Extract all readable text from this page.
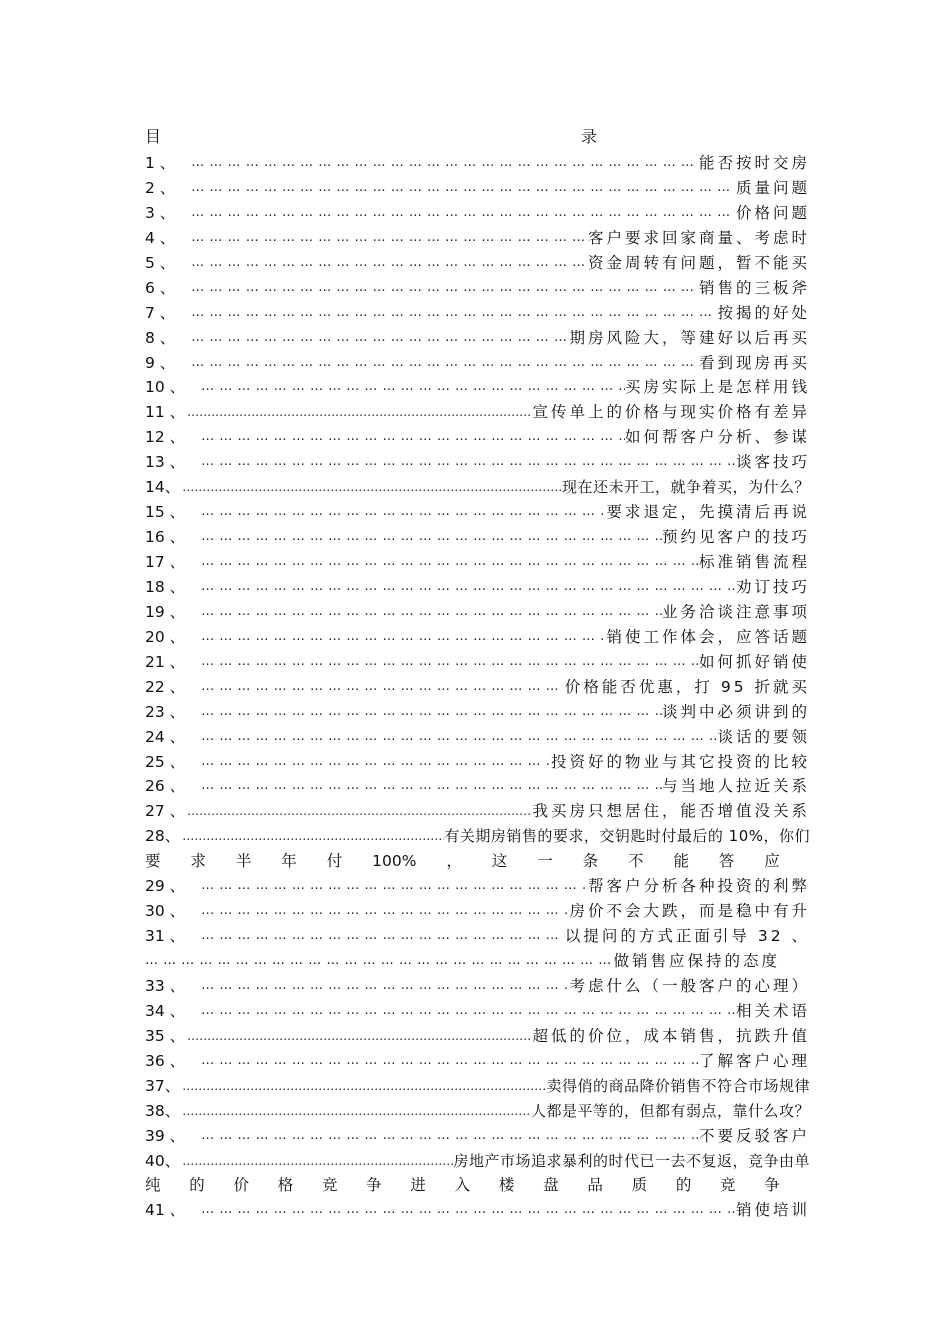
目	录
1 、 … … … … … … … … … … … … … … … … … … … … … … … … … … … … … … … … … … … … … … … … … … … … … … … … … …	能否按时交房
2 、 … … … … … … … … … … … … … … … … … … … … … … … … … … … … … … … … … … … … … … … … … … … … … … … … … …	质量问题
3 、 … … … … … … … … … … … … … … … … … … … … … … … … … … … … … … … … … … … … … … … … … … … … … … … … … …	价格问题
4 、 … … … … … … … … … … … … … … … … … … … … … … … … … … … … … … … … … … … … … … … … … … … … … … … … … …	客户要求回家商量、考虑时
5 、 … … … … … … … … … … … … … … … … … … … … … … … … … … … … … … … … … … … … … … … … … … … … … … … … … …	资金周转有问题，暂不能买
6 、 … … … … … … … … … … … … … … … … … … … … … … … … … … … … … … … … … … … … … … … … … … … … … … … … … …	销售的三板斧
7 、 … … … … … … … … … … … … … … … … … … … … … … … … … … … … … … … … … … … … … … … … … … … … … … … … … …	按揭的好处
8 、 … … … … … … … … … … … … … … … … … … … … … … … … … … … … … … … … … … … … … … … … … … … … … … … … … …	期房风险大，等建好以后再买
9 、 … … … … … … … … … … … … … … … … … … … … … … … … … … … … … … … … … … … … … … … … … … … … … … … … … …	看到现房再买
10 、 … … … … … … … … … … … … … … … … … … … … … … … … … … … … … … … … … … … … … … … … … … … … … … … … … …	买房实际上是怎样用钱
11 、 …………………………………………………………………………………………………	宣传单上的价格与现实价格有差异
12 、 … … … … … … … … … … … … … … … … … … … … … … … … … … … … … … … … … … … … … … … … … … … … … … … … … …	如何帮客户分析、参谋
13 、 … … … … … … … … … … … … … … … … … … … … … … … … … … … … … … … … … … … … … … … … … … … … … … … … … …	谈客技巧
14、 …………………………………………………………………………………………………	现在还未开工，就争着买，为什么？
15 、 … … … … … … … … … … … … … … … … … … … … … … … … … … … … … … … … … … … … … … … … … … … … … … … … … …	要求退定，先摸清后再说
16 、 … … … … … … … … … … … … … … … … … … … … … … … … … … … … … … … … … … … … … … … … … … … … … … … … … …	预约见客户的技巧
17 、 … … … … … … … … … … … … … … … … … … … … … … … … … … … … … … … … … … … … … … … … … … … … … … … … … …	标准销售流程
18 、 … … … … … … … … … … … … … … … … … … … … … … … … … … … … … … … … … … … … … … … … … … … … … … … … … …	劝订技巧
19 、 … … … … … … … … … … … … … … … … … … … … … … … … … … … … … … … … … … … … … … … … … … … … … … … … … …	业务洽谈注意事项
20 、 … … … … … … … … … … … … … … … … … … … … … … … … … … … … … … … … … … … … … … … … … … … … … … … … … …	销使工作体会，应答话题
21 、 … … … … … … … … … … … … … … … … … … … … … … … … … … … … … … … … … … … … … … … … … … … … … … … … … …	如何抓好销使
22 、 … … … … … … … … … … … … … … … … … … … … … … … … … … … … … … … … … … … … … … … … … … … … … … … … … …	价格能否优惠，打 95 折就买
23 、 … … … … … … … … … … … … … … … … … … … … … … … … … … … … … … … … … … … … … … … … … … … … … … … … … …	谈判中必须讲到的
24 、 … … … … … … … … … … … … … … … … … … … … … … … … … … … … … … … … … … … … … … … … … … … … … … … … … …	谈话的要领
25 、 … … … … … … … … … … … … … … … … … … … … … … … … … … … … … … … … … … … … … … … … … … … … … … … … … …	投资好的物业与其它投资的比较
26 、 … … … … … … … … … … … … … … … … … … … … … … … … … … … … … … … … … … … … … … … … … … … … … … … … … …	与当地人拉近关系
27 、 …………………………………………………………………………………………………	我买房只想居住，能否增值没关系
28、 …………………………………………………………………………………………………	有关期房销售的要求，交钥匙时付最后的 10%，你们
要 求 半 年 付 100% ， 这 一 条 不 能 答 应
29 、 … … … … … … … … … … … … … … … … … … … … … … … … … … … … … … … … … … … … … … … … … … … … … … … … … …	帮客户分析各种投资的利弊
30 、 … … … … … … … … … … … … … … … … … … … … … … … … … … … … … … … … … … … … … … … … … … … … … … … … … …	房价不会大跌，而是稳中有升
31 、 … … … … … … … … … … … … … … … … … … … … … … … … … … … … … … … … … … … … … … … … … … … … … … … … … …	以提问的方式正面引导 32 、
… … … … … … … … … … … … … … … … … … … … … … … … … …
做销售应保持的态度
33 、 … … … … … … … … … … … … … … … … … … … … … … … … … … … … … … … … … … … … … … … … … … … … … … … … … …	考虑什么（一般客户的心理）
34 、 … … … … … … … … … … … … … … … … … … … … … … … … … … … … … … … … … … … … … … … … … … … … … … … … … …	相关术语
35 、 …………………………………………………………………………………………………	超低的价位，成本销售，抗跌升值
36 、 … … … … … … … … … … … … … … … … … … … … … … … … … … … … … … … … … … … … … … … … … … … … … … … … … …	了解客户心理
37、 …………………………………………………………………………………………………	卖得俏的商品降价销售不符合市场规律
38、 …………………………………………………………………………………………………	人都是平等的，但都有弱点，靠什么攻？
39 、 … … … … … … … … … … … … … … … … … … … … … … … … … … … … … … … … … … … … … … … … … … … … … … … … … …	不要反驳客户
40、 …………………………………………………………………………………………………	房地产市场追求暴利的时代已一去不复返，竞争由单
纯 的 价 格 竞 争 进 入 楼 盘 品 质 的 竞 争
41 、 … … … … … … … … … … … … … … … … … … … … … … … … … … … … … … … … … … … … … … … … … … … … … … … … … …	销使培训
